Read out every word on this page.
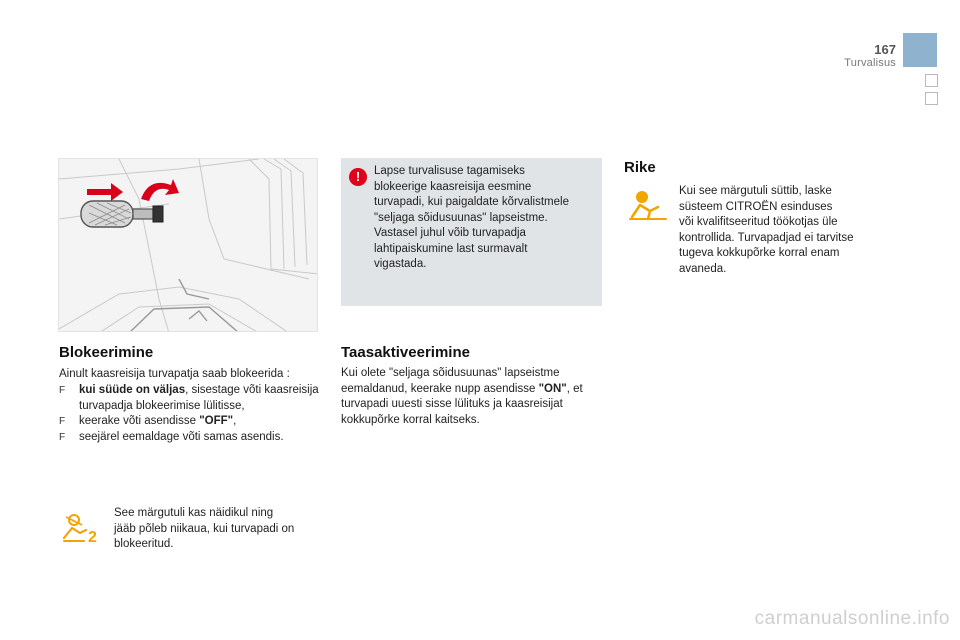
167
Turvalisus
!	Lapse turvalisuse tagamiseks
blokeerige kaasreisija eesmine
turvapadi, kui paigaldate kõrvalistmele
"seljaga sõidusuunas" lapseistme.
Vastasel juhul võib turvapadja
lahtipaiskumine last surmavalt
vigastada.
Blokeerimine
Ainult kaasreisija turvapatja saab blokeerida :
F	kui süüde on väljas, sisestage võti kaasreisija turvapadja blokeerimise lülitisse,
F	keerake võti asendisse "OFF",
F	seejärel eemaldage võti samas asendis.
Taasaktiveerimine
Kui olete "seljaga sõidusuunas" lapseistme eemaldanud, keerake nupp asendisse "ON", et turvapadi uuesti sisse lülituks ja kaasreisijat kokkupõrke korral kaitseks.
Rike
Kui see märgutuli süttib, laske
süsteem CITROËN esinduses
või kvalifitseeritud töökotjas üle
kontrollida. Turvapadjad ei tarvitse
tugeva kokkupõrke korral enam
avaneda.
2
See märgutuli kas näidikul ning
jääb põleb niikaua, kui turvapadi on
blokeeritud.
carmanualsonline.info
